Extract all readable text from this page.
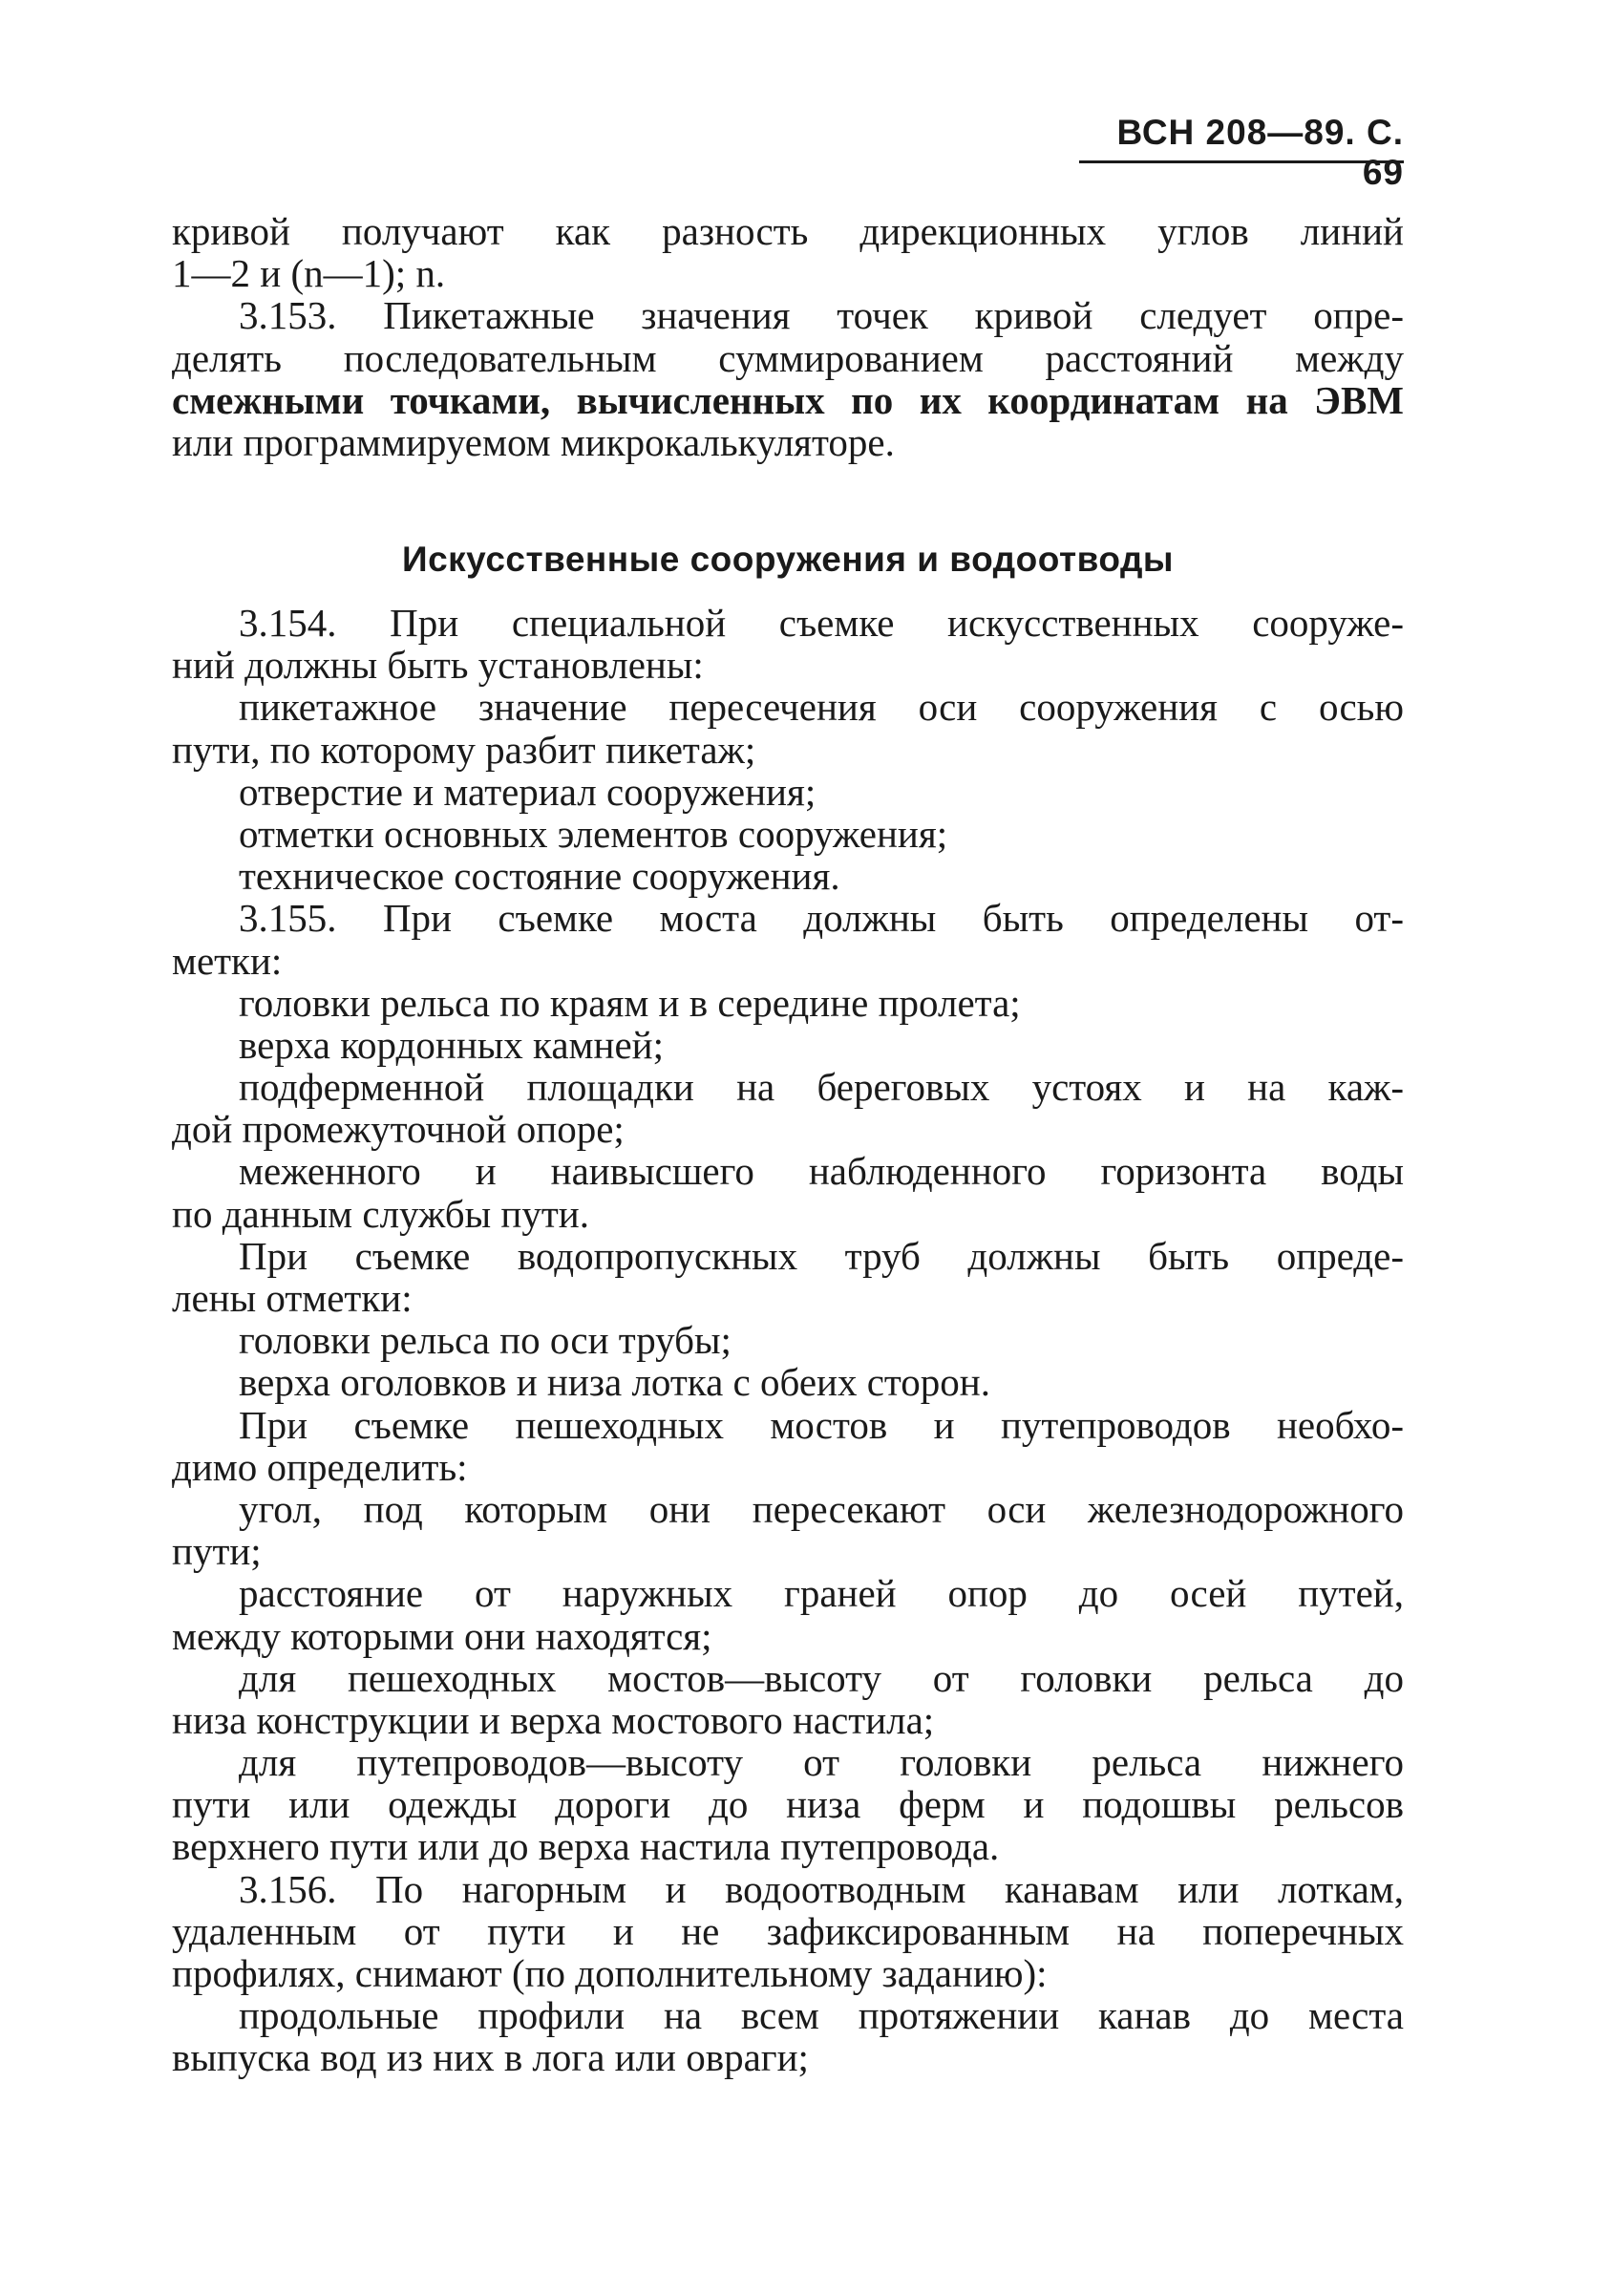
ВСН 208—89. С. 69
кривой получают как разность дирекционных углов линий
1—2 и (n—1); n.
3.153. Пикетажные значения точек кривой следует опре-
делять последовательным суммированием расстояний между
смежными точками, вычисленных по их координатам на ЭВМ
или программируемом микрокалькуляторе.
Искусственные сооружения и водоотводы
3.154. При специальной съемке искусственных сооруже-
ний должны быть установлены:
пикетажное значение пересечения оси сооружения с осью
пути, по которому разбит пикетаж;
отверстие и материал сооружения;
отметки основных элементов сооружения;
техническое состояние сооружения.
3.155. При съемке моста должны быть определены от-
метки:
головки рельса по краям и в середине пролета;
верха кордонных камней;
подферменной площадки на береговых устоях и на каж-
дой промежуточной опоре;
меженного и наивысшего наблюденного горизонта воды
по данным службы пути.
При съемке водопропускных труб должны быть опреде-
лены отметки:
головки рельса по оси трубы;
верха оголовков и низа лотка с обеих сторон.
При съемке пешеходных мостов и путепроводов необхо-
димо определить:
угол, под которым они пересекают оси железнодорожного
пути;
расстояние от наружных граней опор до осей путей,
между которыми они находятся;
для пешеходных мостов—высоту от головки рельса до
низа конструкции и верха мостового настила;
для путепроводов—высоту от головки рельса нижнего
пути или одежды дороги до низа ферм и подошвы рельсов
верхнего пути или до верха настила путепровода.
3.156. По нагорным и водоотводным канавам или лоткам,
удаленным от пути и не зафиксированным на поперечных
профилях, снимают (по дополнительному заданию):
продольные профили на всем протяжении канав до места
выпуска вод из них в лога или овраги;
